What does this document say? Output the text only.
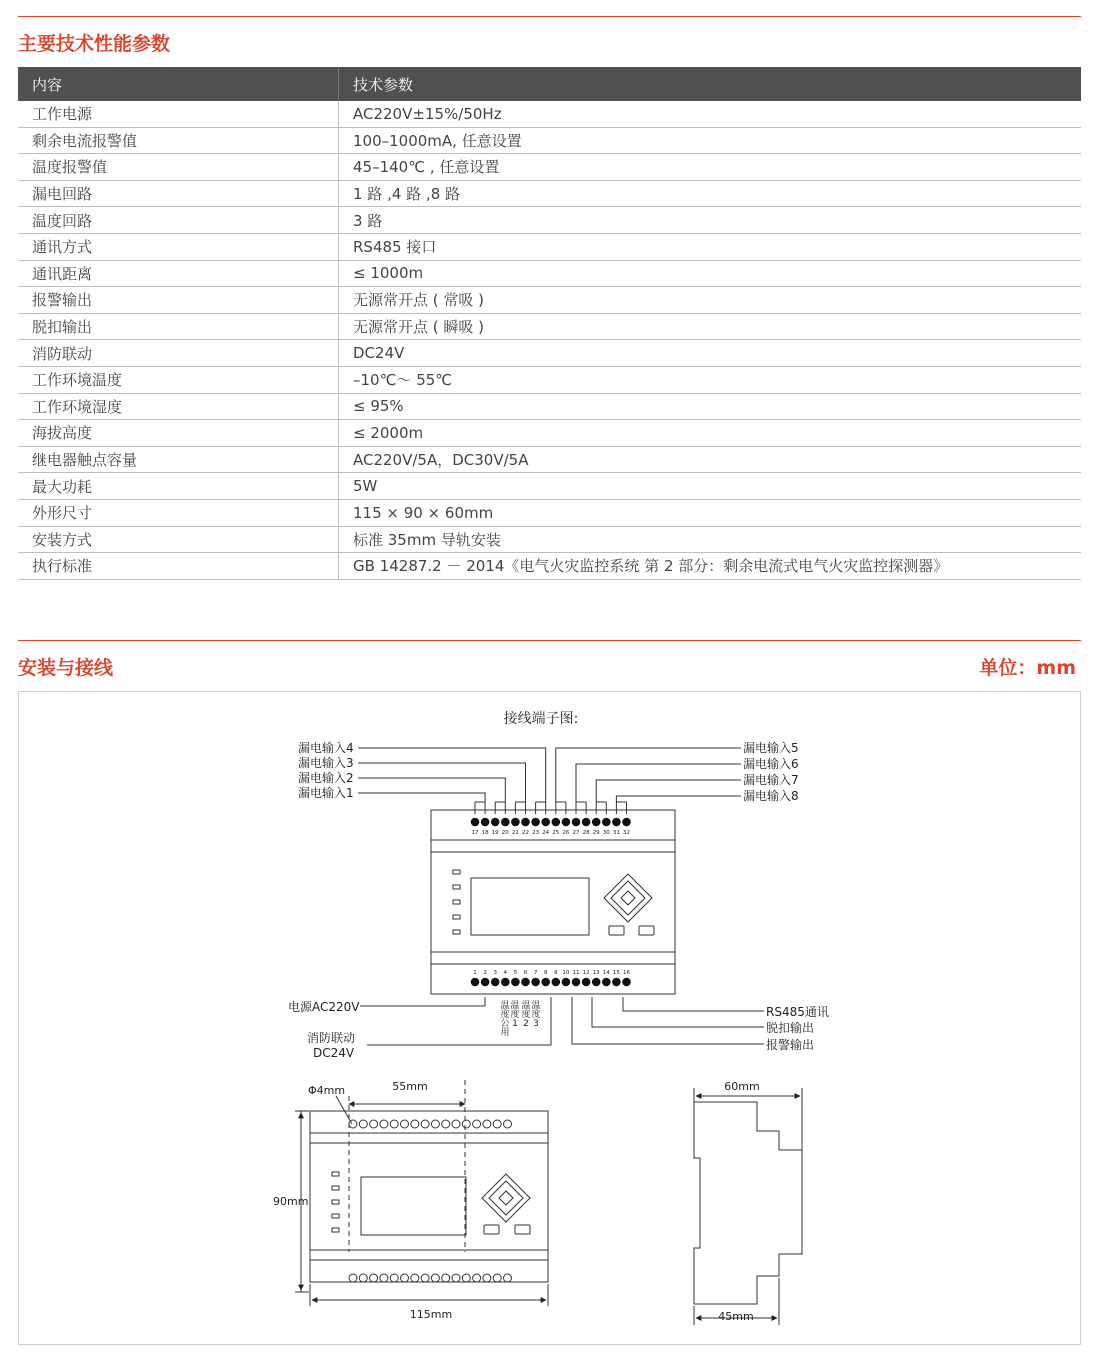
主要技术性能参数
内容	技术参数
工作电源	AC220V±15%/50Hz
剩余电流报警值	100–1000mA, 任意设置
温度报警值	45–140℃ , 任意设置
漏电回路	1 路 ,4 路 ,8 路
温度回路	3 路
通讯方式	RS485 接口
通讯距离	≤ 1000m
报警输出	无源常开点 ( 常吸 )
脱扣输出	无源常开点 ( 瞬吸 )
消防联动	DC24V
工作环境温度	–10℃～ 55℃
工作环境湿度	≤ 95%
海拔高度	≤ 2000m
继电器触点容量	AC220V/5A，DC30V/5A
最大功耗	5W
外形尺寸	115 × 90 × 60mm
安装方式	标准 35mm 导轨安装
执行标准	GB 14287.2 － 2014《电气火灾监控系统 第 2 部分：剩余电流式电气火灾监控探测器》
安装与接线	单位：mm
接线端子图:
漏电输入4
漏电输入3
漏电输入2
漏电输入1
漏电输入5
漏电输入6
漏电输入7
漏电输入8
17 18 19 20 21 22 23 24 25 26 27 28 29 30 31 32
1 2 3 4 5 6 7 8 9 10 11 12 13 14 15 16
电源AC220V
消防联动
DC24V
RS485通讯
脱扣输出
报警输出
温
度
公
用
温
度
1
温
度
2
温
度
3
Φ4mm	55mm
90mm
115mm
60mm
45mm
